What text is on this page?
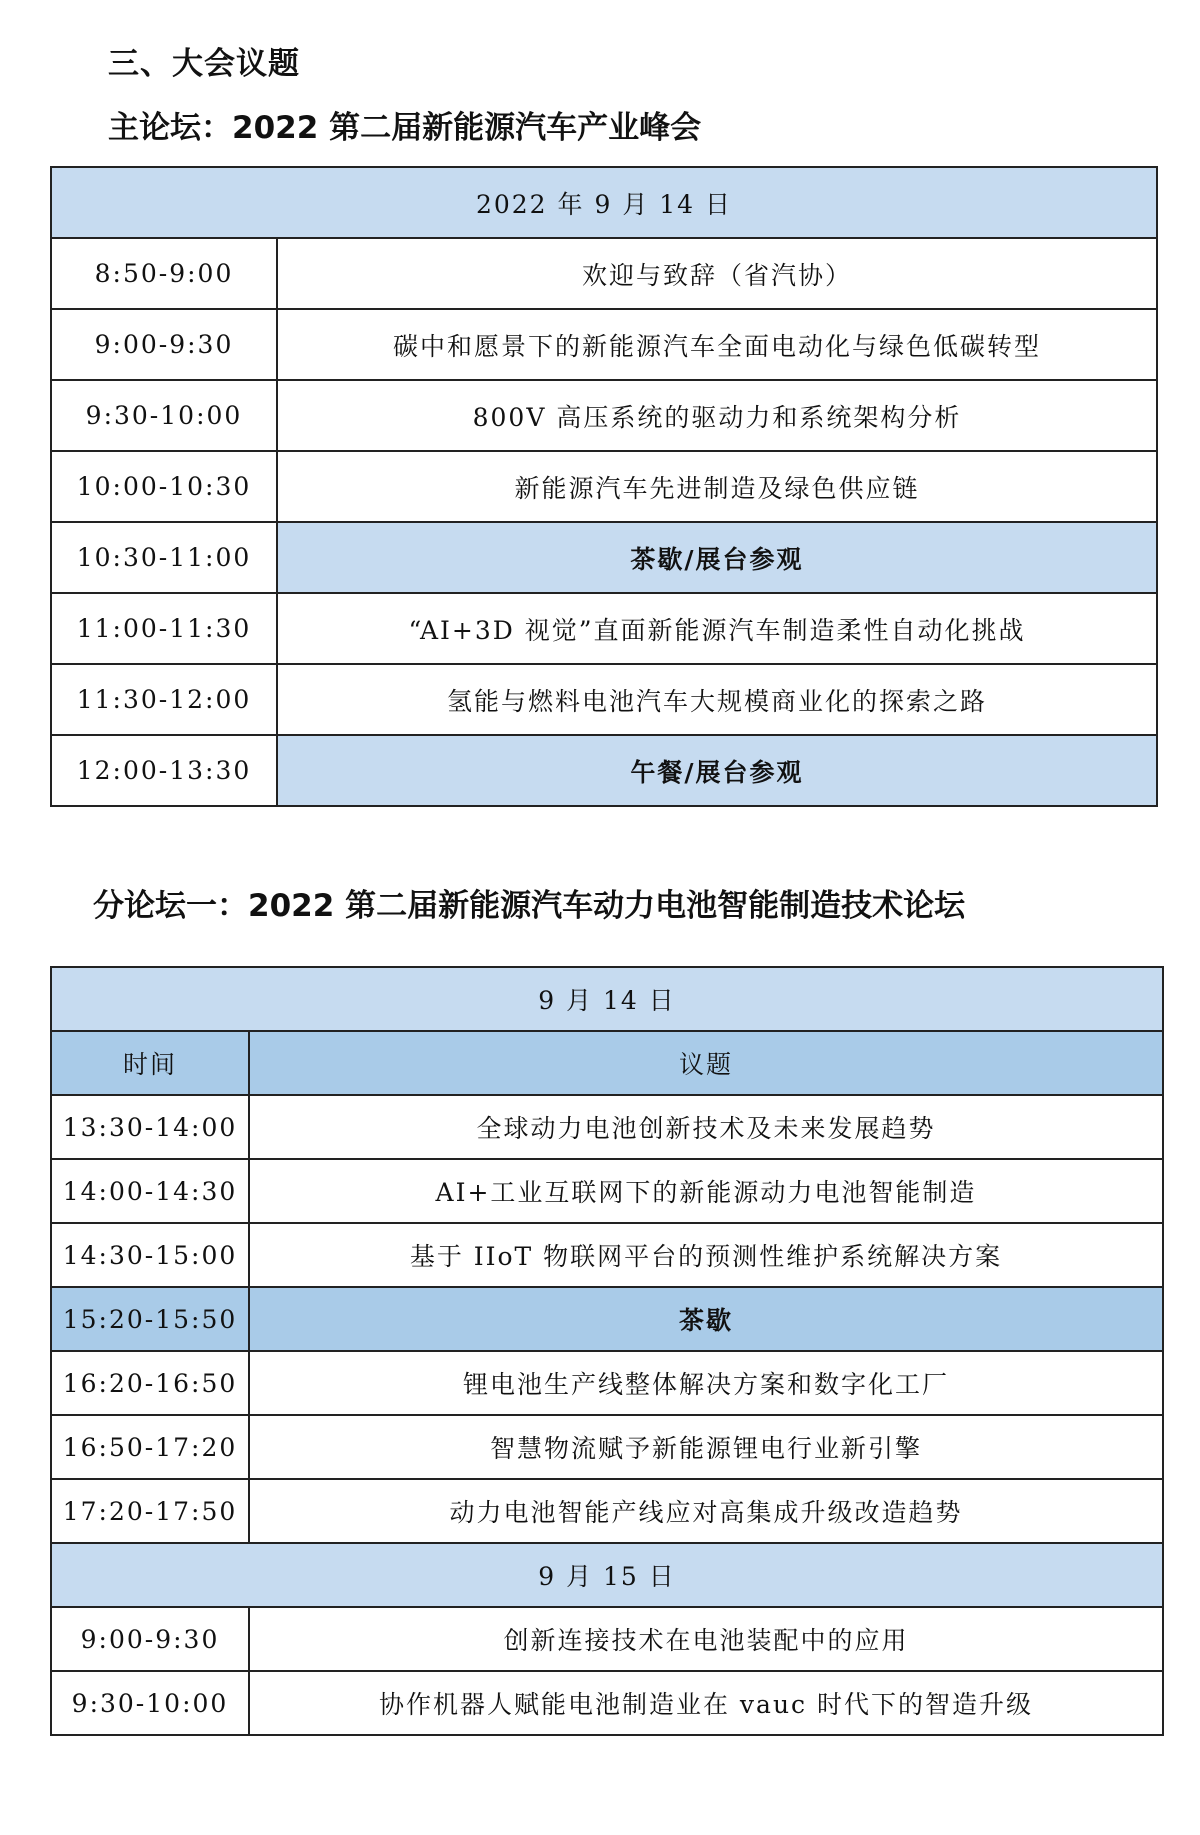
三、大会议题
主论坛：2022 第二届新能源汽车产业峰会
2022 年 9 月 14 日	
8:50-9:00	欢迎与致辞（省汽协）
9:00-9:30	碳中和愿景下的新能源汽车全面电动化与绿色低碳转型
9:30-10:00	800V 高压系统的驱动力和系统架构分析
10:00-10:30	新能源汽车先进制造及绿色供应链
10:30-11:00	茶歇/展台参观
11:00-11:30	“AI+3D 视觉”直面新能源汽车制造柔性自动化挑战
11:30-12:00	氢能与燃料电池汽车大规模商业化的探索之路
12:00-13:30	午餐/展台参观
分论坛一：2022 第二届新能源汽车动力电池智能制造技术论坛
9 月 14 日	
时间	议题
13:30-14:00	全球动力电池创新技术及未来发展趋势
14:00-14:30	AI+工业互联网下的新能源动力电池智能制造
14:30-15:00	基于 IIoT 物联网平台的预测性维护系统解决方案
15:20-15:50	茶歇
16:20-16:50	锂电池生产线整体解决方案和数字化工厂
16:50-17:20	智慧物流赋予新能源锂电行业新引擎
17:20-17:50	动力电池智能产线应对高集成升级改造趋势
9 月 15 日	
9:00-9:30	创新连接技术在电池装配中的应用
9:30-10:00	协作机器人赋能电池制造业在 vauc 时代下的智造升级
